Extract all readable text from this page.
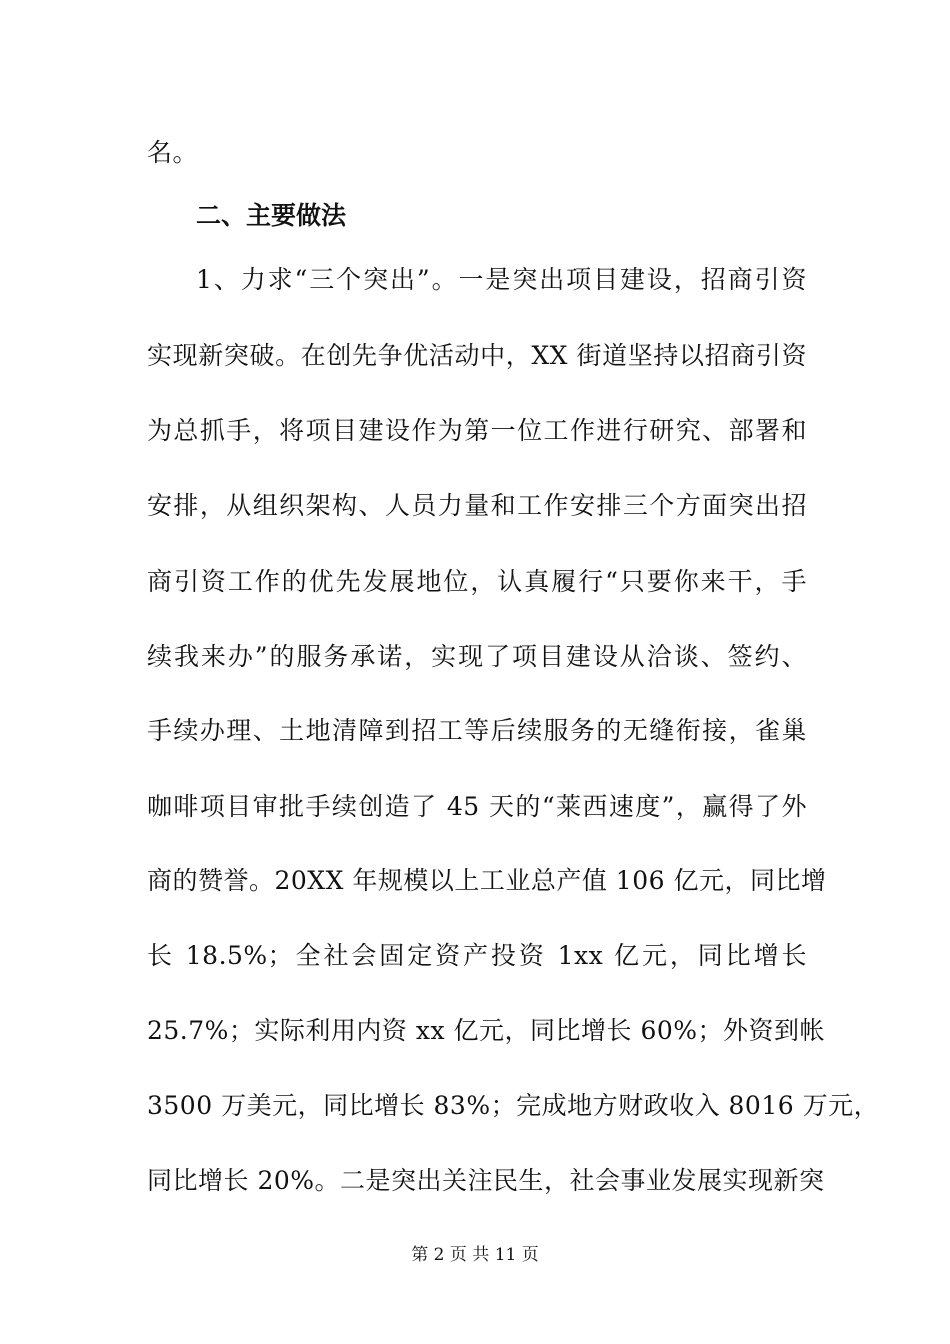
名。
二、主要做法
1、力求“三个突出”。一是突出项目建设，招商引资
实现新突破。在创先争优活动中，XX 街道坚持以招商引资
为总抓手，将项目建设作为第一位工作进行研究、部署和
安排，从组织架构、人员力量和工作安排三个方面突出招
商引资工作的优先发展地位，认真履行“只要你来干，手
续我来办”的服务承诺，实现了项目建设从洽谈、签约、
手续办理、土地清障到招工等后续服务的无缝衔接，雀巢
咖啡项目审批手续创造了 45 天的“莱西速度”，赢得了外
商的赞誉。20XX 年规模以上工业总产值 106 亿元，同比增
长 18.5%；全社会固定资产投资 1xx 亿元，同比增长
25.7%；实际利用内资 xx 亿元，同比增长 60%；外资到帐
3500 万美元，同比增长 83%；完成地方财政收入 8016 万元，
同比增长 20%。二是突出关注民生，社会事业发展实现新突
第 2 页 共 11 页
